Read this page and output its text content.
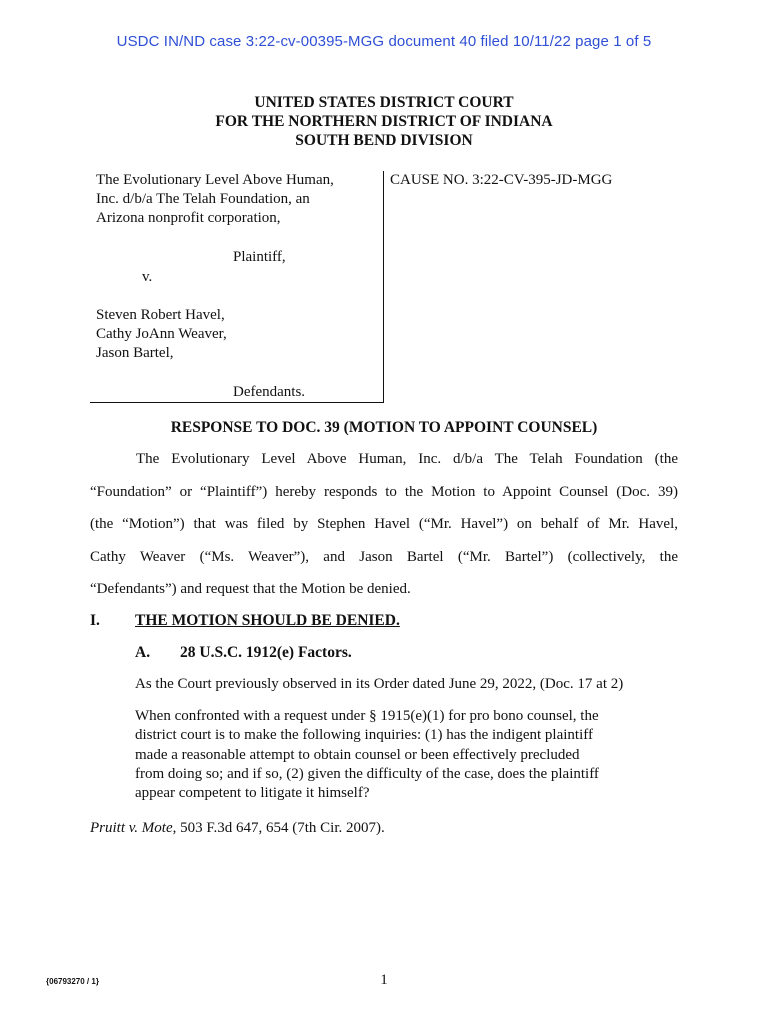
USDC IN/ND case 3:22-cv-00395-MGG document 40 filed 10/11/22 page 1 of 5
UNITED STATES DISTRICT COURT
FOR THE NORTHERN DISTRICT OF INDIANA
SOUTH BEND DIVISION
The Evolutionary Level Above Human,
Inc. d/b/a The Telah Foundation, an
Arizona nonprofit corporation,
Plaintiff,
v.
Steven Robert Havel,
Cathy JoAnn Weaver,
Jason Bartel,
Defendants.
CAUSE NO. 3:22-CV-395-JD-MGG
RESPONSE TO DOC. 39 (MOTION TO APPOINT COUNSEL)
The Evolutionary Level Above Human, Inc. d/b/a The Telah Foundation (the
“Foundation” or “Plaintiff”) hereby responds to the Motion to Appoint Counsel (Doc. 39)
(the “Motion”) that was filed by Stephen Havel (“Mr. Havel”) on behalf of Mr. Havel,
Cathy Weaver (“Ms. Weaver”), and Jason Bartel (“Mr. Bartel”) (collectively, the
“Defendants”) and request that the Motion be denied.
I. THE MOTION SHOULD BE DENIED.
A. 28 U.S.C. 1912(e) Factors.
As the Court previously observed in its Order dated June 29, 2022, (Doc. 17 at 2)
When confronted with a request under § 1915(e)(1) for pro bono counsel, the
district court is to make the following inquiries: (1) has the indigent plaintiff
made a reasonable attempt to obtain counsel or been effectively precluded
from doing so; and if so, (2) given the difficulty of the case, does the plaintiff
appear competent to litigate it himself?
Pruitt v. Mote, 503 F.3d 647, 654 (7th Cir. 2007).
{06793270 / 1}	1
